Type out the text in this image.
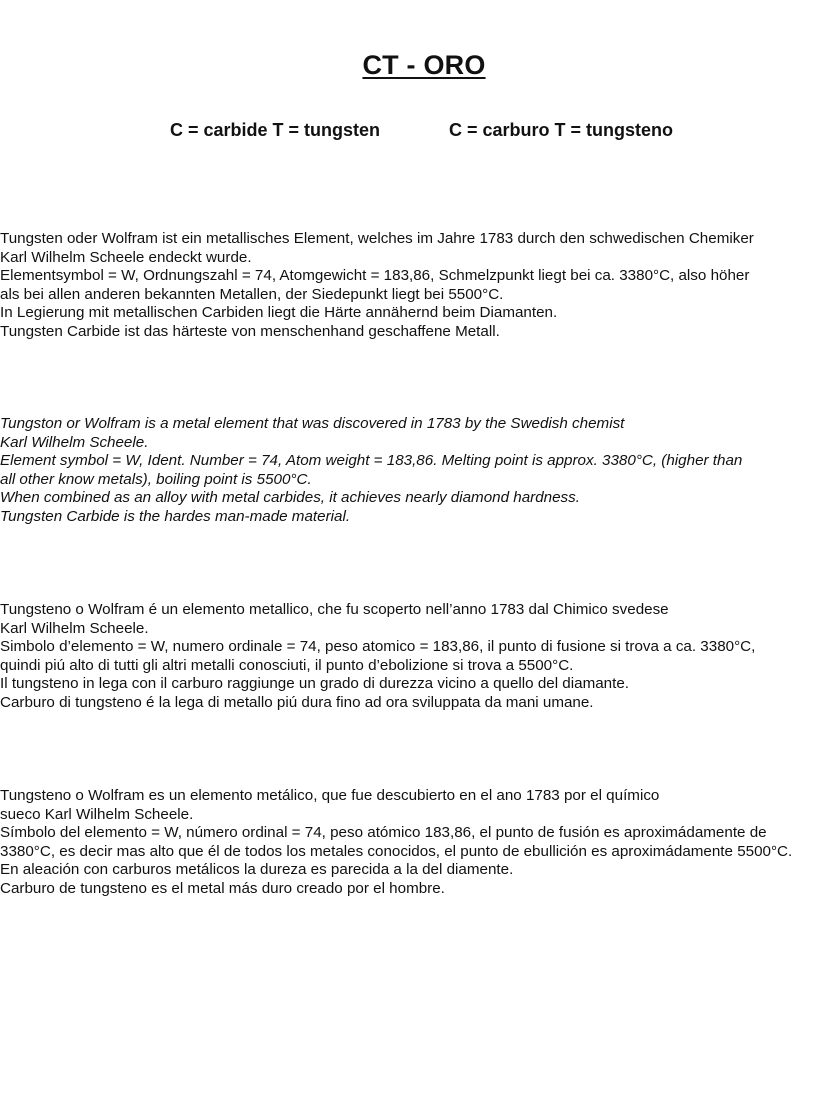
CT - ORO
C = carbide T = tungsten	C = carburo T = tungsteno
Tungsten oder Wolfram ist ein metallisches Element, welches im Jahre 1783 durch den schwedischen Chemiker
Karl Wilhelm Scheele endeckt wurde.
Elementsymbol = W, Ordnungszahl = 74, Atomgewicht = 183,86, Schmelzpunkt liegt bei ca. 3380°C, also höher
als bei allen anderen bekannten Metallen, der Siedepunkt liegt bei 5500°C.
In Legierung mit metallischen Carbiden liegt die Härte annähernd beim Diamanten.
Tungsten Carbide ist das härteste von menschenhand geschaffene Metall.
Tungston or Wolfram is a metal element that was discovered in 1783 by the Swedish chemist
Karl Wilhelm Scheele.
Element symbol = W, Ident. Number = 74, Atom weight = 183,86. Melting point is approx. 3380°C, (higher than
all other know metals), boiling point is 5500°C.
When combined as an alloy with metal carbides, it achieves nearly diamond hardness.
Tungsten Carbide is the hardes man-made material.
Tungsteno o Wolfram é un elemento metallico, che fu scoperto nell’anno 1783 dal Chimico svedese
Karl Wilhelm Scheele.
Simbolo d’elemento = W, numero ordinale = 74, peso atomico = 183,86, il punto di fusione si trova a ca. 3380°C,
quindi piú alto di tutti gli altri metalli conosciuti, il punto d’ebolizione si trova a 5500°C.
Il tungsteno in lega con il carburo raggiunge un grado di durezza vicino a quello del diamante.
Carburo di tungsteno é la lega di metallo piú dura fino ad ora sviluppata da mani umane.
Tungsteno o Wolfram es un elemento metálico, que fue descubierto en el ano 1783 por el químico
sueco Karl Wilhelm Scheele.
Símbolo del elemento = W, número ordinal = 74, peso atómico 183,86, el punto de fusión es aproximádamente de
3380°C, es decir mas alto que él de todos los metales conocidos, el punto de ebullición es aproximádamente 5500°C.
En aleación con carburos metálicos la dureza es parecida a la del diamente.
Carburo de tungsteno es el metal más duro creado por el hombre.
